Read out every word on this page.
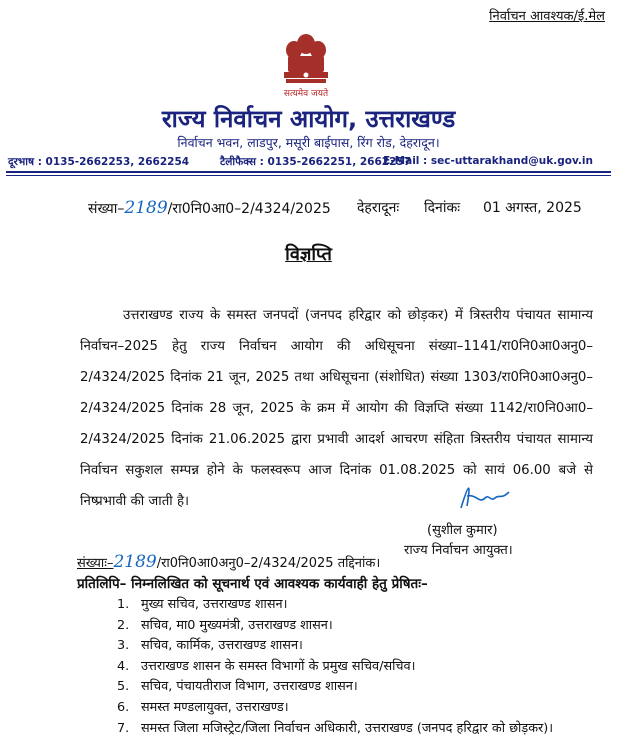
निर्वाचन आवश्यक/ई.मेल
सत्यमेव जयते
राज्य निर्वाचन आयोग, उत्तराखण्ड
निर्वाचन भवन, लाडपुर, मसूरी बाईपास, रिंग रोड, देहरादून।
दूरभाष : 0135-2662253, 2662254	टैलीफैक्स : 0135-2662251, 2662257
E-Mail : sec-uttarakhand@uk.gov.in
संख्या–2189/रा0नि0आ0–2/4324/2025 देहरादूनः दिनांकः 01 अगस्त, 2025
विज्ञप्ति
उत्तराखण्ड राज्य के समस्त जनपदों (जनपद हरिद्वार को छोड़कर) में त्रिस्तरीय पंचायत सामान्य निर्वाचन–2025 हेतु राज्य निर्वाचन आयोग की अधिसूचना संख्या–1141/रा0नि0आ0अनु0–2/4324/2025 दिनांक 21 जून, 2025 तथा अधिसूचना (संशोधित) संख्या 1303/रा0नि0आ0अनु0–2/4324/2025 दिनांक 28 जून, 2025 के क्रम में आयोग की विज्ञप्ति संख्या 1142/रा0नि0आ0–2/4324/2025 दिनांक 21.06.2025 द्वारा प्रभावी आदर्श आचरण संहिता त्रिस्तरीय पंचायत सामान्य निर्वाचन सकुशल सम्पन्न होने के फलस्वरूप आज दिनांक 01.08.2025 को सायं 06.00 बजे से निष्प्रभावी की जाती है।
(सुशील कुमार)
राज्य निर्वाचन आयुक्त।
संख्याः–2189/रा0नि0आ0अनु0–2/4324/2025 तद्दिनांक।
प्रतिलिपि– निम्नलिखित को सूचनार्थ एवं आवश्यक कार्यवाही हेतु प्रेषितः–
1. मुख्य सचिव, उत्तराखण्ड शासन।
2. सचिव, मा0 मुख्यमंत्री, उत्तराखण्ड शासन।
3. सचिव, कार्मिक, उत्तराखण्ड शासन।
4. उत्तराखण्ड शासन के समस्त विभागों के प्रमुख सचिव/सचिव।
5. सचिव, पंचायतीराज विभाग, उत्तराखण्ड शासन।
6. समस्त मण्डलायुक्त, उत्तराखण्ड।
7. समस्त जिला मजिस्ट्रेट/जिला निर्वाचन अधिकारी, उत्तराखण्ड (जनपद हरिद्वार को छोड़कर)।
